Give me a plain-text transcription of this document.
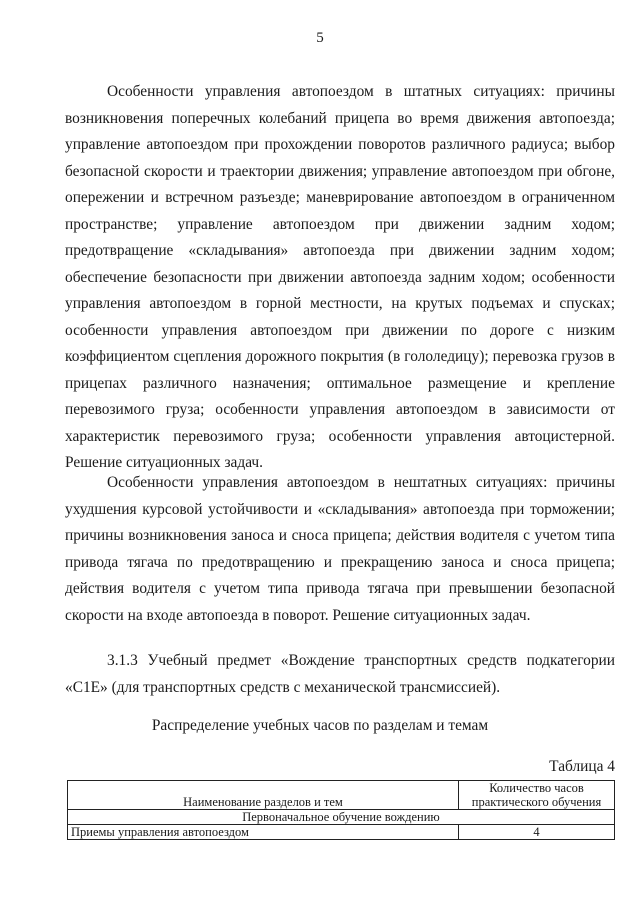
5

Особенности управления автопоездом в штатных ситуациях: причины возникновения поперечных колебаний прицепа во время движения автопоезда; управление автопоездом при прохождении поворотов различного радиуса; выбор безопасной скорости и траектории движения; управление автопоездом при обгоне, опережении и встречном разъезде; маневрирование автопоездом в ограниченном пространстве; управление автопоездом при движении задним ходом; предотвращение «складывания» автопоезда при движении задним ходом; обеспечение безопасности при движении автопоезда задним ходом; особенности управления автопоездом в горной местности, на крутых подъемах и спусках; особенности управления автопоездом при движении по дороге с низким коэффициентом сцепления дорожного покрытия (в гололедицу); перевозка грузов в прицепах различного назначения; оптимальное размещение и крепление перевозимого груза; особенности управления автопоездом в зависимости от характеристик перевозимого груза; особенности управления автоцистерной. Решение ситуационных задач.

Особенности управления автопоездом в нештатных ситуациях: причины ухудшения курсовой устойчивости и «складывания» автопоезда при торможении; причины возникновения заноса и сноса прицепа; действия водителя с учетом типа привода тягача по предотвращению и прекращению заноса и сноса прицепа; действия водителя с учетом типа привода тягача при превышении безопасной скорости на входе автопоезда в поворот. Решение ситуационных задач.

3.1.3 Учебный предмет «Вождение транспортных средств подкатегории «С1Е» (для транспортных средств с механической трансмиссией).

Распределение учебных часов по разделам и темам
Таблица 4
Наименование разделов и тем	Количество часов практического обучения
Первоначальное обучение вождению	
Приемы управления автопоездом	4
